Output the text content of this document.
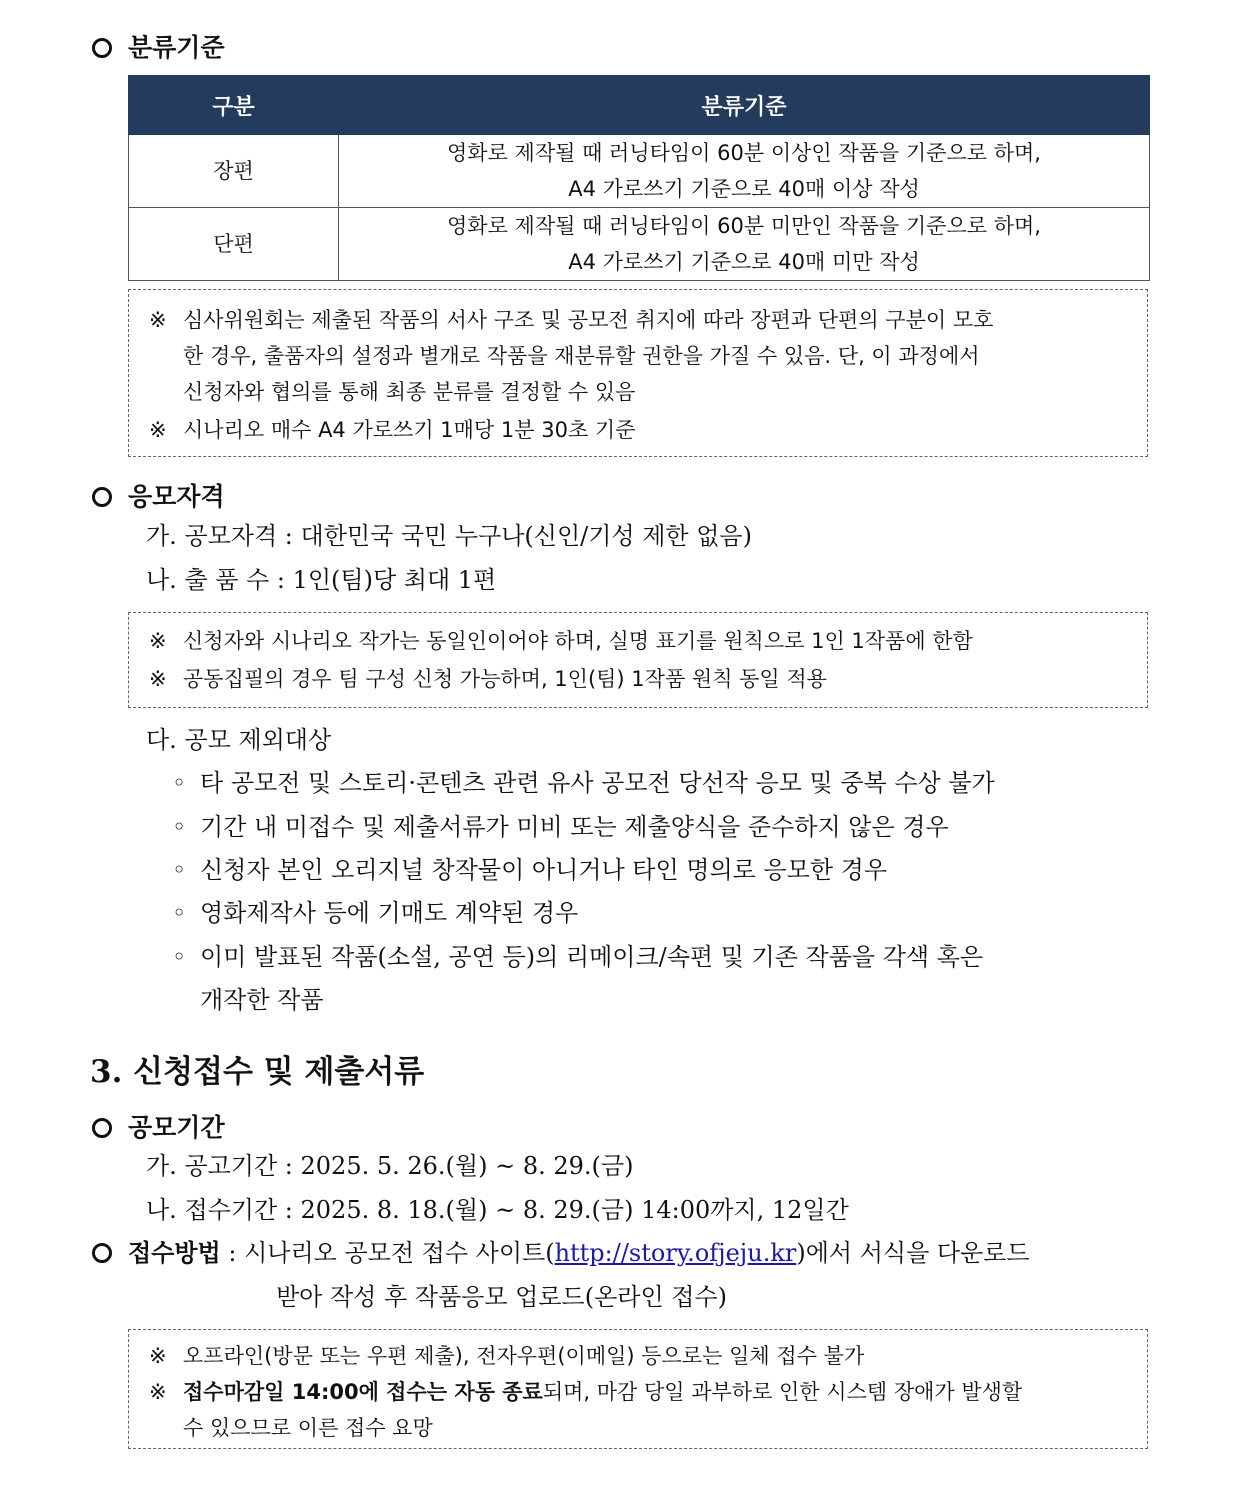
분류기준
구분	분류기준
장편	영화로 제작될 때 러닝타임이 60분 이상인 작품을 기준으로 하며,
A4 가로쓰기 기준으로 40매 이상 작성

단편	영화로 제작될 때 러닝타임이 60분 미만인 작품을 기준으로 하며,
A4 가로쓰기 기준으로 40매 미만 작성
※ 심사위원회는 제출된 작품의 서사 구조 및 공모전 취지에 따라 장편과 단편의 구분이 모호
한 경우, 출품자의 설정과 별개로 작품을 재분류할 권한을 가질 수 있음. 단, 이 과정에서
신청자와 협의를 통해 최종 분류를 결정할 수 있음
※ 시나리오 매수 A4 가로쓰기 1매당 1분 30초 기준
응모자격
가. 공모자격 : 대한민국 국민 누구나(신인/기성 제한 없음)
나. 출 품 수 : 1인(팀)당 최대 1편
※ 신청자와 시나리오 작가는 동일인이어야 하며, 실명 표기를 원칙으로 1인 1작품에 한함
※ 공동집필의 경우 팀 구성 신청 가능하며, 1인(팀) 1작품 원칙 동일 적용
다. 공모 제외대상
◦ 타 공모전 및 스토리·콘텐츠 관련 유사 공모전 당선작 응모 및 중복 수상 불가
◦ 기간 내 미접수 및 제출서류가 미비 또는 제출양식을 준수하지 않은 경우
◦ 신청자 본인 오리지널 창작물이 아니거나 타인 명의로 응모한 경우
◦ 영화제작사 등에 기매도 계약된 경우
◦ 이미 발표된 작품(소설, 공연 등)의 리메이크/속편 및 기존 작품을 각색 혹은
개작한 작품
3. 신청접수 및 제출서류
공모기간
가. 공고기간 : 2025. 5. 26.(월) ~ 8. 29.(금)
나. 접수기간 : 2025. 8. 18.(월) ~ 8. 29.(금) 14:00까지, 12일간
접수방법 : 시나리오 공모전 접수 사이트(http://story.ofjeju.kr)에서 서식을 다운로드
받아 작성 후 작품응모 업로드(온라인 접수)
※ 오프라인(방문 또는 우편 제출), 전자우편(이메일) 등으로는 일체 접수 불가
※ 접수마감일 14:00에 접수는 자동 종료되며, 마감 당일 과부하로 인한 시스템 장애가 발생할
수 있으므로 이른 접수 요망
